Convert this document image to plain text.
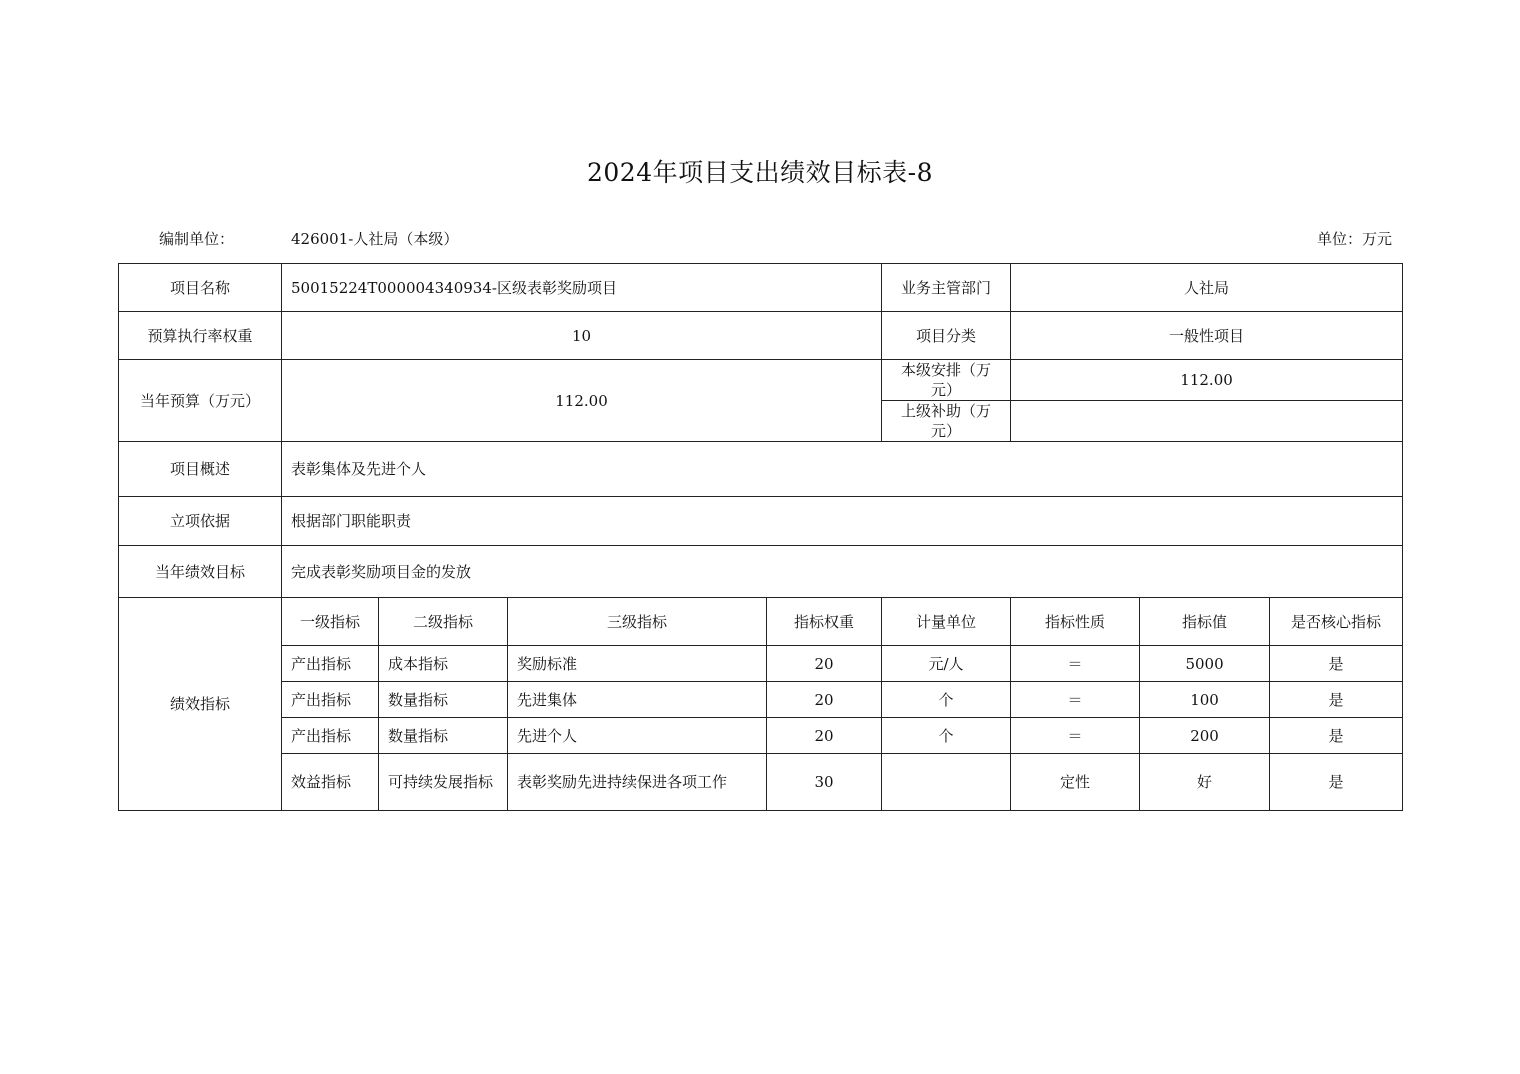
2024年项目支出绩效目标表-8
编制单位：	426001-人社局（本级）	单位：万元
项目名称	50015224T000004340934-区级表彰奖励项目				业务主管部门	人社局		
预算执行率权重	10				项目分类	一般性项目		
当年预算（万元）	112.00				本级安排（万元）	112.00		
					上级补助（万元）			
项目概述	表彰集体及先进个人							
立项依据	根据部门职能职责							
当年绩效目标	完成表彰奖励项目金的发放							
绩效指标	一级指标	二级指标	三级指标	指标权重	计量单位	指标性质	指标值	是否核心指标
	产出指标	成本指标	奖励标准	20	元/人	＝	5000	是
	产出指标	数量指标	先进集体	20	个	＝	100	是
	产出指标	数量指标	先进个人	20	个	＝	200	是
	效益指标	可持续发展指标	表彰奖励先进持续保进各项工作	30		定性	好	是
